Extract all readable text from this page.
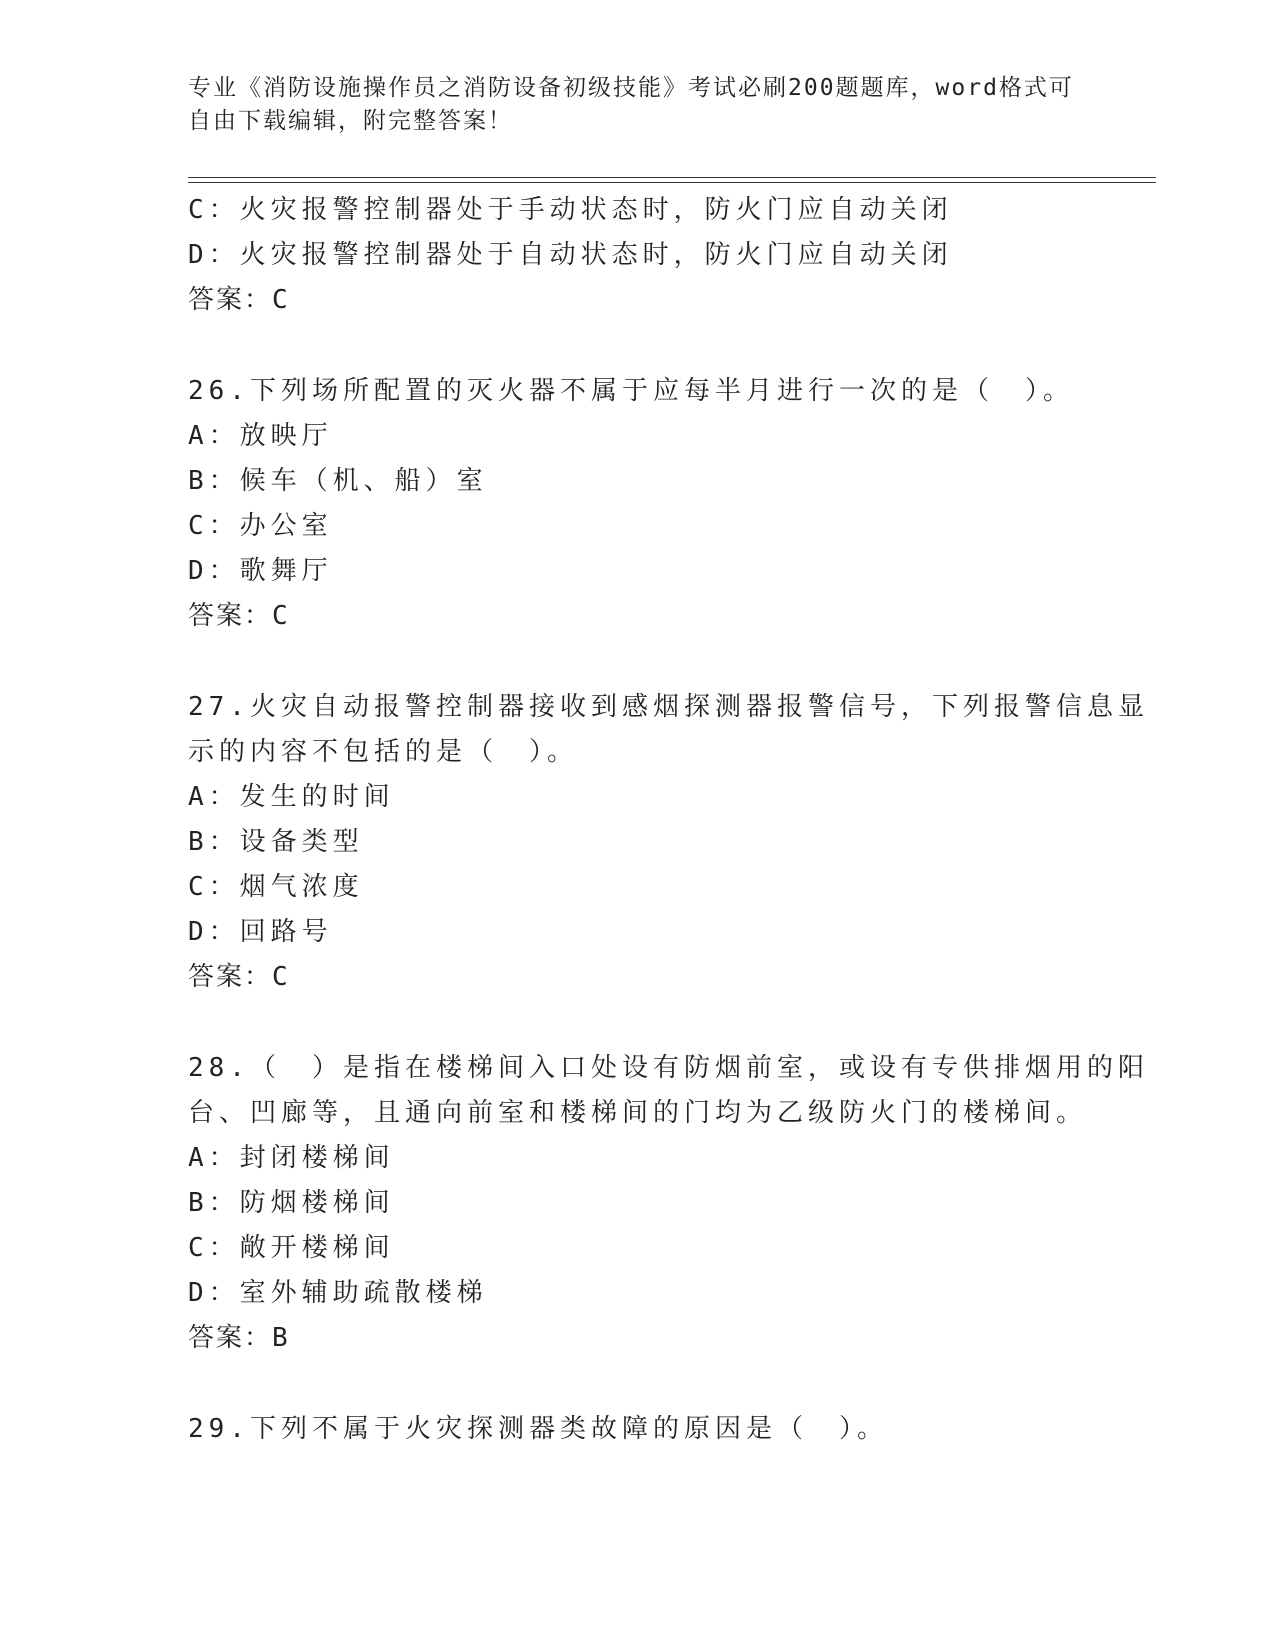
专业《消防设施操作员之消防设备初级技能》考试必刷200题题库，word格式可
自由下载编辑，附完整答案！
C：火灾报警控制器处于手动状态时，防火门应自动关闭
D：火灾报警控制器处于自动状态时，防火门应自动关闭
答案：C
26.下列场所配置的灭火器不属于应每半月进行一次的是（　）。
A：放映厅
B：候车（机、船）室
C：办公室
D：歌舞厅
答案：C
27.火灾自动报警控制器接收到感烟探测器报警信号，下列报警信息显
示的内容不包括的是（　）。
A：发生的时间
B：设备类型
C：烟气浓度
D：回路号
答案：C
28.（　）是指在楼梯间入口处设有防烟前室，或设有专供排烟用的阳
台、凹廊等，且通向前室和楼梯间的门均为乙级防火门的楼梯间。
A：封闭楼梯间
B：防烟楼梯间
C：敞开楼梯间
D：室外辅助疏散楼梯
答案：B
29.下列不属于火灾探测器类故障的原因是（　）。
